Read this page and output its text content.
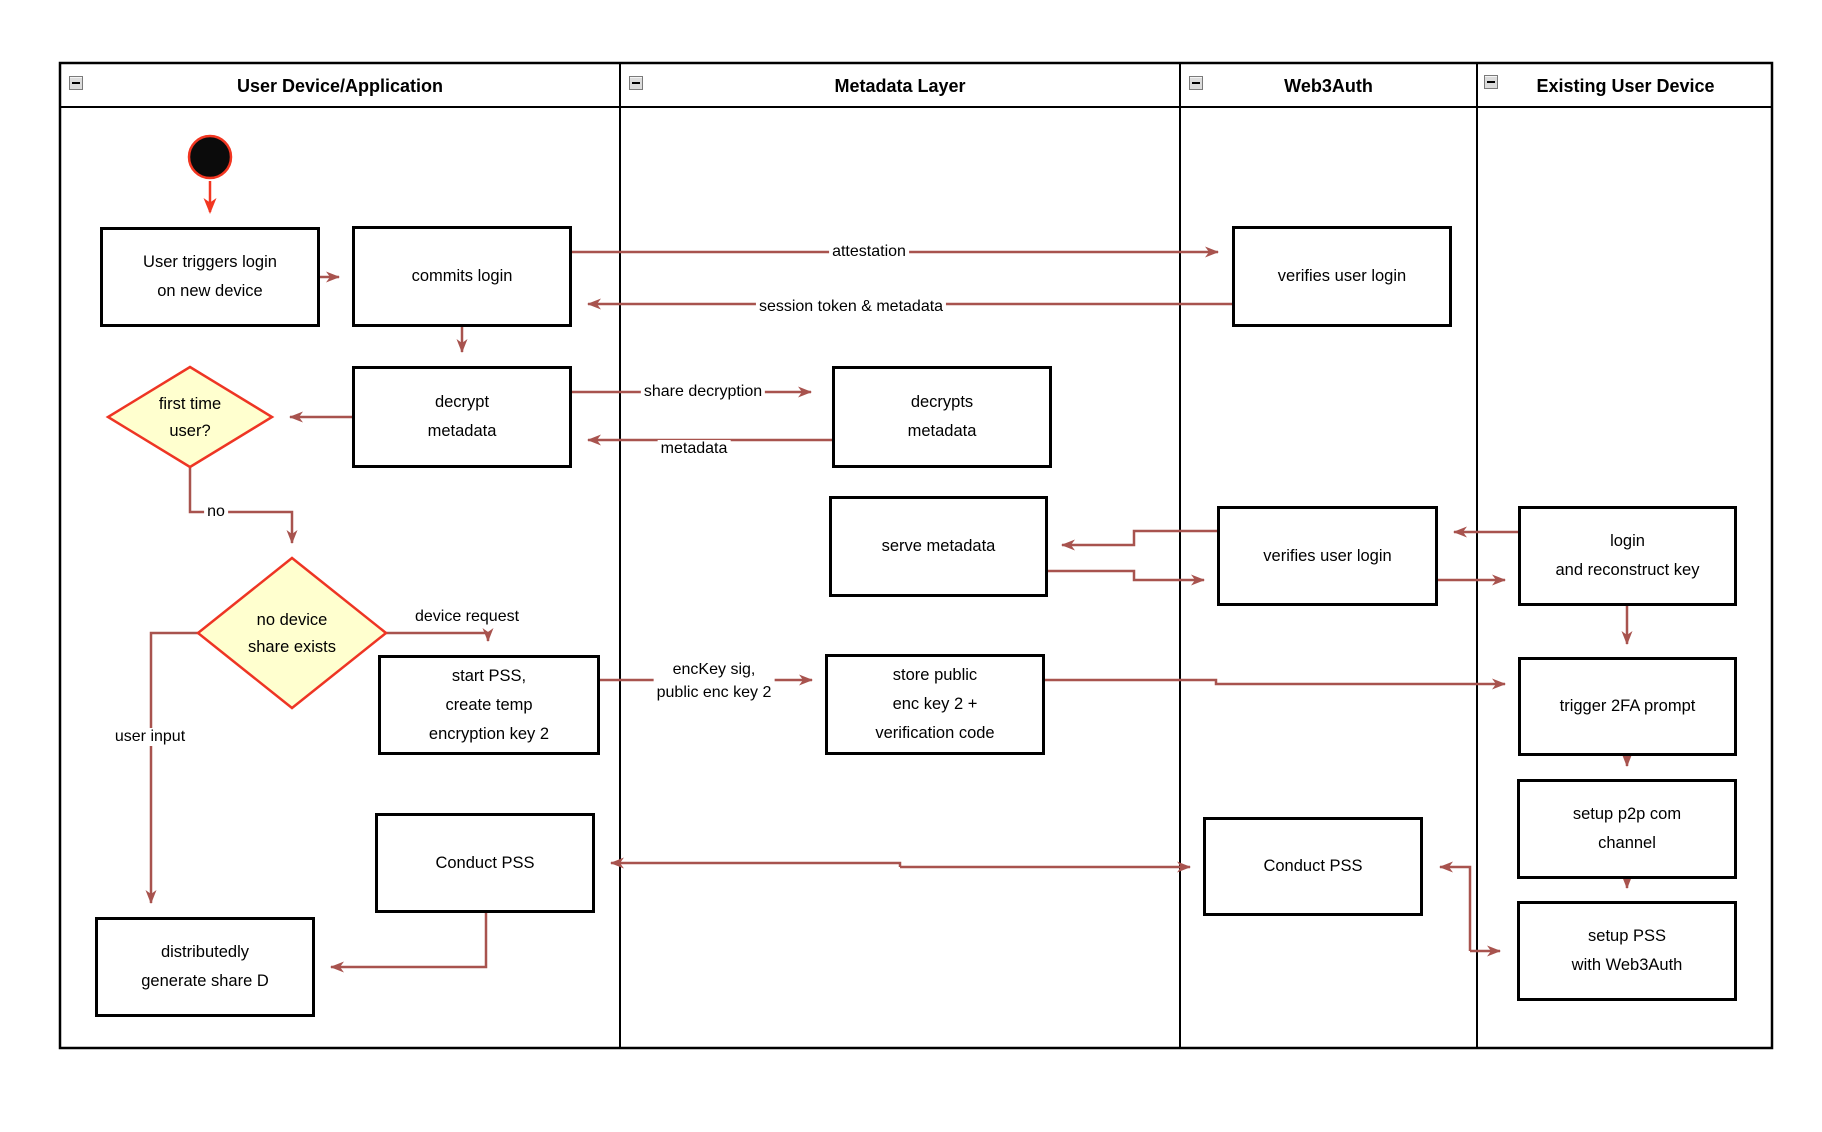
User Device/Application	Metadata Layer	Web3Auth	Existing User Device
User triggers login
on new device
commits login
decrypt
metadata
decrypts
metadata
serve metadata
store public
enc key 2 +
verification code
verifies user login
verifies user login
login
and reconstruct key
trigger 2FA prompt
setup p2p com
channel
setup PSS
with Web3Auth
start PSS,
create temp
encryption key 2
Conduct PSS	Conduct PSS
distributedly
generate share D
first time
user?
no device
share exists
attestation
session token & metadata
share decryption
metadata
no
device request
user input
encKey sig,
public enc key 2
